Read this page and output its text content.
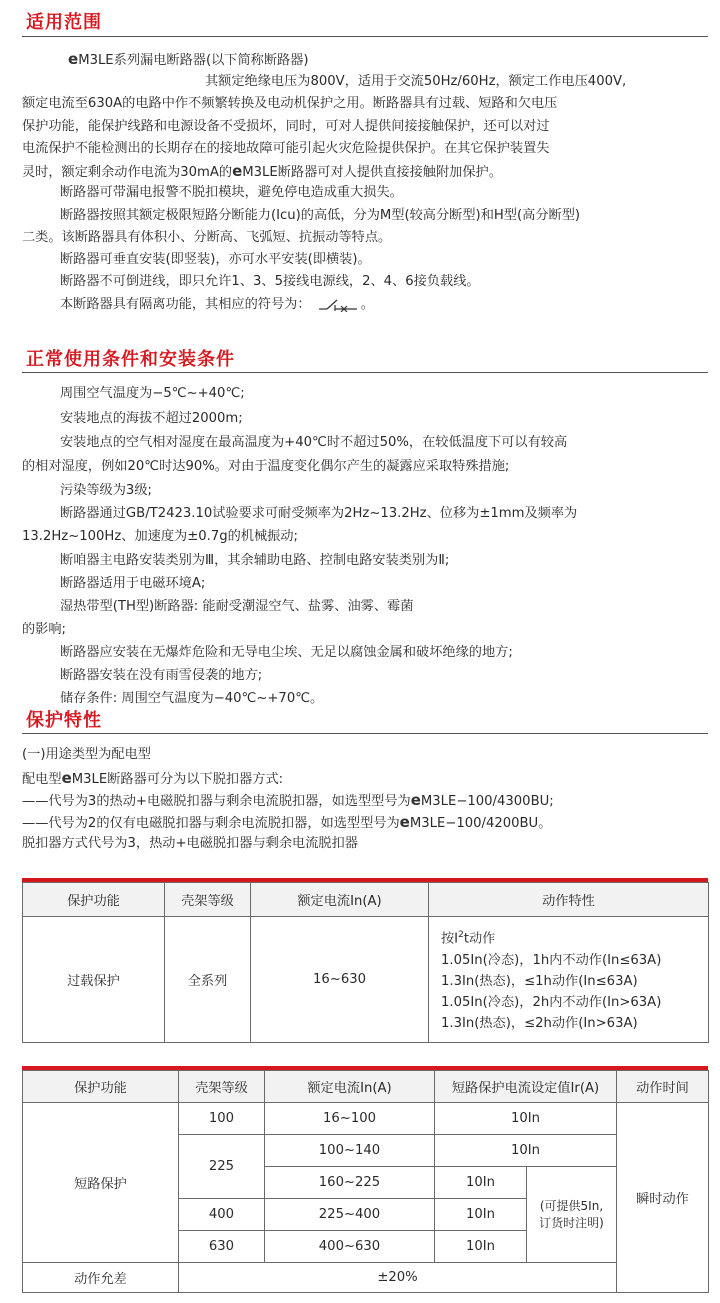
适用范围
eM3LE系列漏电断路器(以下简称断路器)
其额定绝缘电压为800V，适用于交流50Hz/60Hz，额定工作电压400V,
额定电流至630A的电路中作不频繁转换及电动机保护之用。断路器具有过载、短路和欠电压
保护功能，能保护线路和电源设备不受损坏，同时，可对人提供间接接触保护，还可以对过
电流保护不能检测出的长期存在的接地故障可能引起火灾危险提供保护。在其它保护装置失
灵时，额定剩余动作电流为30mA的eM3LE断路器可对人提供直接接触附加保护。
断路器可带漏电报警不脱扣模块，避免停电造成重大损失。
断路器按照其额定极限短路分断能力(Icu)的高低，分为M型(较高分断型)和H型(高分断型)
二类。该断路器具有体积小、分断高、飞弧短、抗振动等特点。
断路器可垂直安装(即竖装)，亦可水平安装(即横装)。
断路器不可倒进线，即只允许1、3、5接线电源线，2、4、6接负载线。
本断路器具有隔离功能，其相应的符号为：	。
正常使用条件和安装条件
周围空气温度为−5℃~+40℃;
安装地点的海拔不超过2000m;
安装地点的空气相对湿度在最高温度为+40℃时不超过50%，在较低温度下可以有较高
的相对湿度，例如20℃时达90%。对由于温度变化偶尔产生的凝露应采取特殊措施;
污染等级为3级;
断路器通过GB/T2423.10试验要求可耐受频率为2Hz~13.2Hz、位移为±1mm及频率为
13.2Hz~100Hz、加速度为±0.7g的机械振动;
断咱器主电路安装类别为Ⅲ，其余辅助电路、控制电路安装类别为Ⅱ;
断路器适用于电磁环境A;
湿热带型(TH型)断路器: 能耐受潮湿空气、盐雾、油雾、霉菌
的影响;
断路器应安装在无爆炸危险和无导电尘埃、无足以腐蚀金属和破坏绝缘的地方;
断路器安装在没有雨雪侵袭的地方;
储存条件: 周围空气温度为−40℃~+70℃。
保护特性
(一)用途类型为配电型
配电型eM3LE断路器可分为以下脱扣器方式:
——代号为3的热动+电磁脱扣器与剩余电流脱扣器，如选型型号为eM3LE−100/4300BU;
——代号为2的仅有电磁脱扣器与剩余电流脱扣器，如选型型号为eM3LE−100/4200BU。
脱扣器方式代号为3，热动+电磁脱扣器与剩余电流脱扣器
保护功能	壳架等级	额定电流In(A)	动作特性
过载保护	全系列	16~630	按$I^2t$动作
1.05In(冷态)，1h内不动作(In≤63A)
1.3In(热态)，≤1h动作(In≤63A)
1.05In(冷态)，2h内不动作(In>63A)
1.3In(热态)，≤2h动作(In>63A)
保护功能	壳架等级	额定电流In(A)	短路保护电流设定值Ir(A)		动作时间
短路保护	100	16~100	10In		瞬时动作
	225	100~140	10In		
		160~225	10In	(可提供5In,
订货时注明)	

	400	225~400	10In		
	630	400~630	10In		
动作允差	±20%				
